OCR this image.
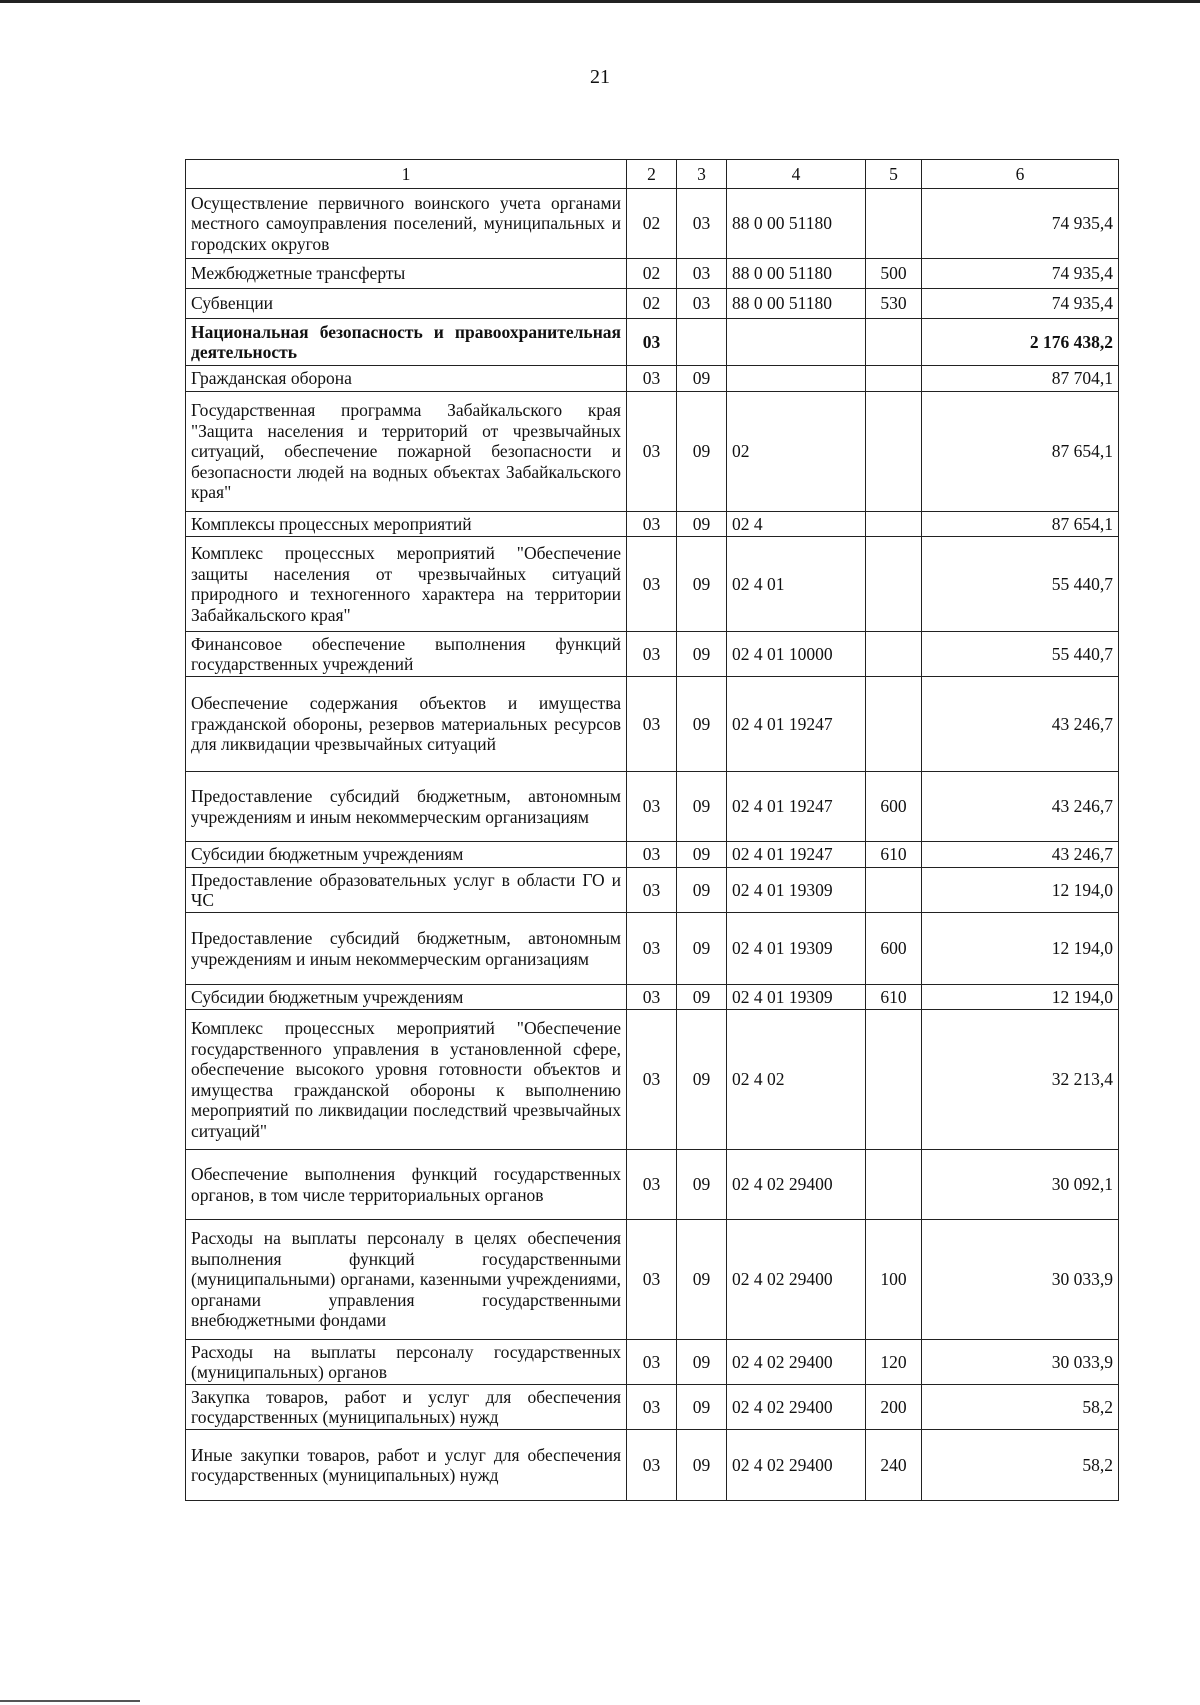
21
1	2	3	4	5	6
Осуществление первичного воинского учета органами местного самоуправления поселений, муниципальных и городских округов	02	03	88 0 00 51180		74 935,4
Межбюджетные трансферты	02	03	88 0 00 51180	500	74 935,4
Субвенции	02	03	88 0 00 51180	530	74 935,4
Национальная безопасность и правоохранительная деятельность	03				2 176 438,2
Гражданская оборона	03	09			87 704,1
Государственная программа Забайкальского края "Защита населения и территорий от чрезвычайных ситуаций, обеспечение пожарной безопасности и безопасности людей на водных объектах Забайкальского края"	03	09	02		87 654,1
Комплексы процессных мероприятий	03	09	02 4		87 654,1
Комплекс процессных мероприятий "Обеспечение защиты населения от чрезвычайных ситуаций природного и техногенного характера на территории Забайкальского края"	03	09	02 4 01		55 440,7
Финансовое обеспечение выполнения функций государственных учреждений	03	09	02 4 01 10000		55 440,7
Обеспечение содержания объектов и имущества гражданской обороны, резервов материальных ресурсов для ликвидации чрезвычайных ситуаций	03	09	02 4 01 19247		43 246,7
Предоставление субсидий бюджетным, автономным учреждениям и иным некоммерческим организациям	03	09	02 4 01 19247	600	43 246,7
Субсидии бюджетным учреждениям	03	09	02 4 01 19247	610	43 246,7
Предоставление образовательных услуг в области ГО и ЧС	03	09	02 4 01 19309		12 194,0
Предоставление субсидий бюджетным, автономным учреждениям и иным некоммерческим организациям	03	09	02 4 01 19309	600	12 194,0
Субсидии бюджетным учреждениям	03	09	02 4 01 19309	610	12 194,0
Комплекс процессных мероприятий "Обеспечение государственного управления в установленной сфере, обеспечение высокого уровня готовности объектов и имущества гражданской обороны к выполнению мероприятий по ликвидации последствий чрезвычайных ситуаций"	03	09	02 4 02		32 213,4
Обеспечение выполнения функций государственных органов, в том числе территориальных органов	03	09	02 4 02 29400		30 092,1
Расходы на выплаты персоналу в целях обеспечения выполнения функций государственными (муниципальными) органами, казенными учреждениями, органами управления государственными внебюджетными фондами	03	09	02 4 02 29400	100	30 033,9
Расходы на выплаты персоналу государственных (муниципальных) органов	03	09	02 4 02 29400	120	30 033,9
Закупка товаров, работ и услуг для обеспечения государственных (муниципальных) нужд	03	09	02 4 02 29400	200	58,2
Иные закупки товаров, работ и услуг для обеспечения государственных (муниципальных) нужд	03	09	02 4 02 29400	240	58,2
